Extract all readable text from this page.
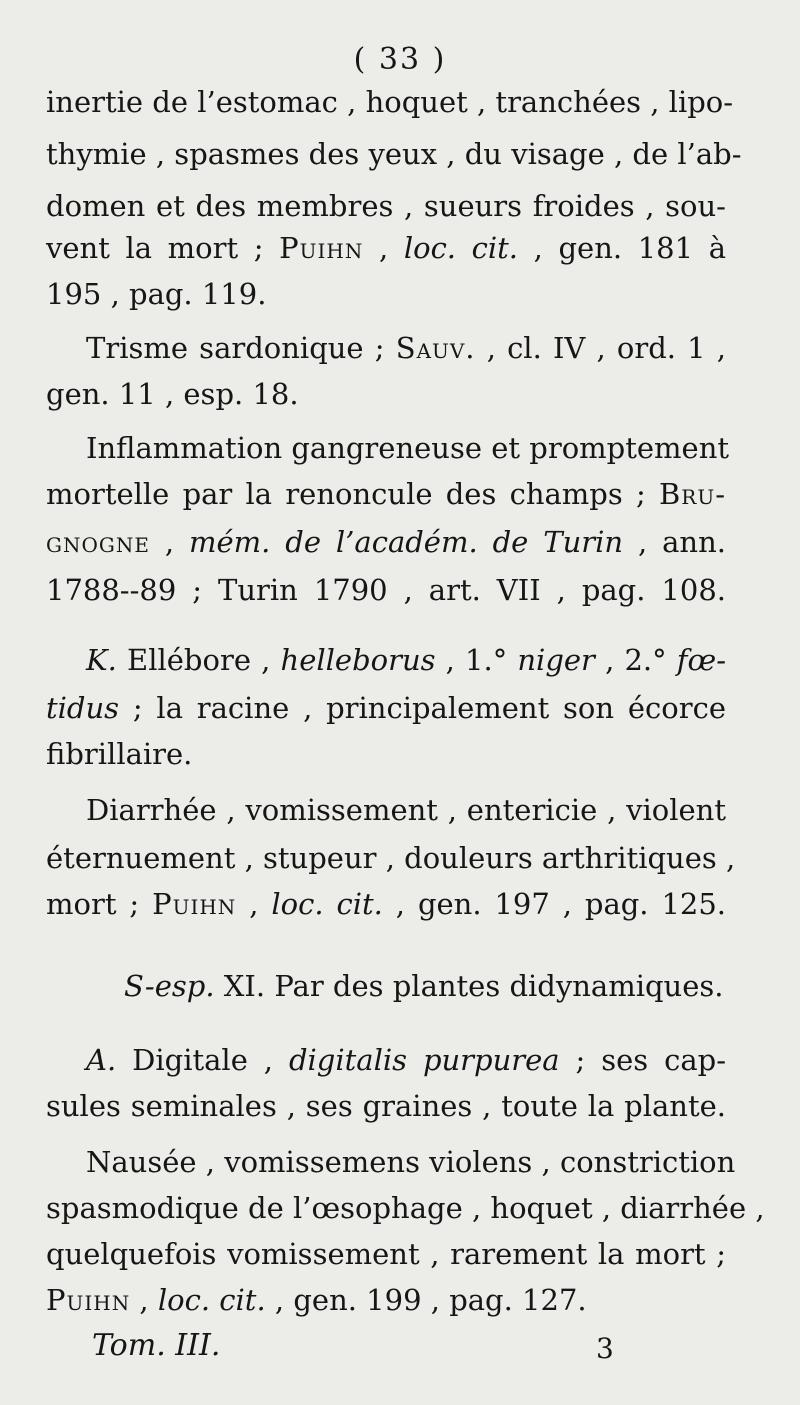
( 33 )
inertie de l’estomac , hoquet , tranchées , lipo-
thymie , spasmes des yeux , du visage , de l’ab-
domen et des membres , sueurs froides , sou-
vent la mort ; Puihn , loc. cit. , gen. 181 à
195 , pag. 119.
Trisme sardonique ; Sauv. , cl. IV , ord. 1 ,
gen. 11 , esp. 18.
Inflammation gangreneuse et promptement
mortelle par la renoncule des champs ; Bru-
gnogne , mém. de l’académ. de Turin , ann.
1788--89 ; Turin 1790 , art. VII , pag. 108.
K. Ellébore , helleborus , 1.° niger , 2.° fœ-
tidus ; la racine , principalement son écorce
fibrillaire.
Diarrhée , vomissement , entericie , violent
éternuement , stupeur , douleurs arthritiques ,
mort ; Puihn , loc. cit. , gen. 197 , pag. 125.
S-esp. XI. Par des plantes didynamiques.
A. Digitale , digitalis purpurea ; ses cap-
sules seminales , ses graines , toute la plante.
Nausée , vomissemens violens , constriction
spasmodique de l’œsophage , hoquet , diarrhée ,
quelquefois vomissement , rarement la mort ;
Puihn , loc. cit. , gen. 199 , pag. 127.
Tom. III.	3
